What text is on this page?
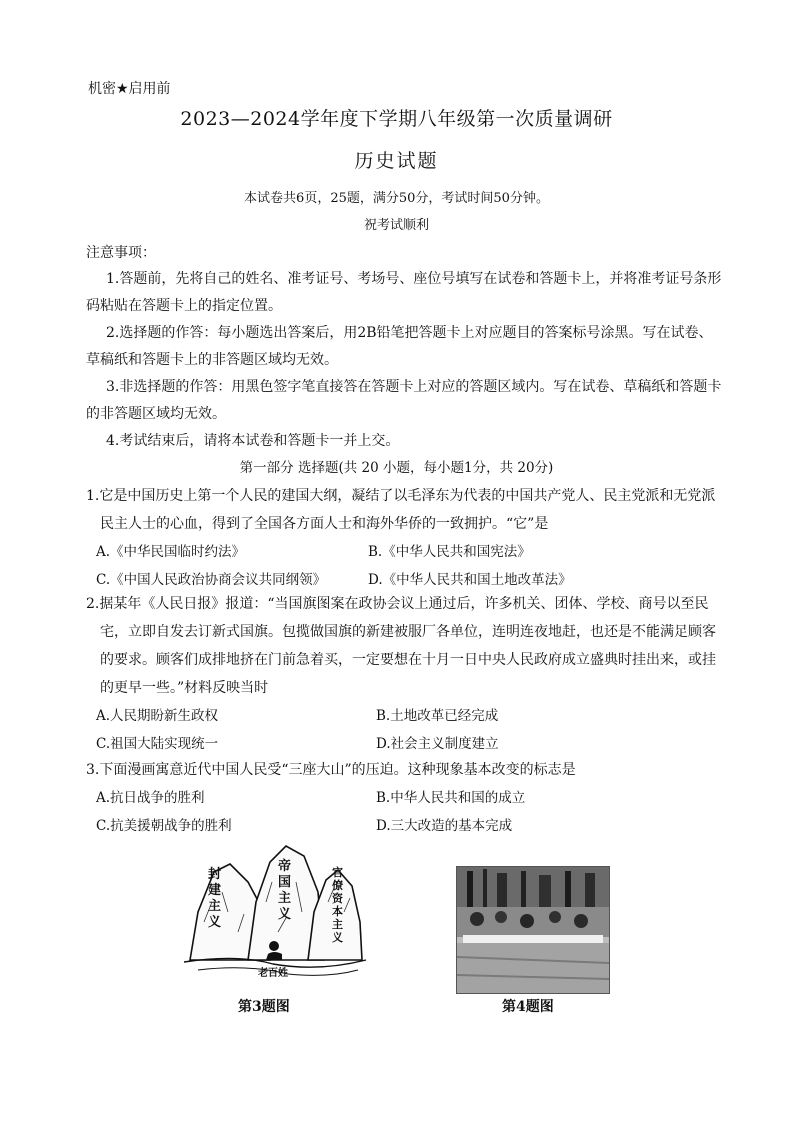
机密★启用前
2023—2024学年度下学期八年级第一次质量调研
历史试题
本试卷共6页，25题，满分50分，考试时间50分钟。
祝考试顺利
注意事项：
1.答题前，先将自己的姓名、准考证号、考场号、座位号填写在试卷和答题卡上，并将准考证号条形码粘贴在答题卡上的指定位置。
2.选择题的作答：每小题选出答案后，用2B铅笔把答题卡上对应题目的答案标号涂黑。写在试卷、草稿纸和答题卡上的非答题区域均无效。
3.非选择题的作答：用黑色签字笔直接答在答题卡上对应的答题区域内。写在试卷、草稿纸和答题卡的非答题区域均无效。
4.考试结束后，请将本试卷和答题卡一并上交。
第一部分 选择题(共 20 小题，每小题1分，共 20分)
1.它是中国历史上第一个人民的建国大纲，凝结了以毛泽东为代表的中国共产党人、民主党派和无党派民主人士的心血，得到了全国各方面人士和海外华侨的一致拥护。“它”是
A.《中华民国临时约法》	B.《中华人民共和国宪法》
C.《中国人民政治协商会议共同纲领》	D.《中华人民共和国土地改革法》
2.据某年《人民日报》报道：“当国旗图案在政协会议上通过后，许多机关、团体、学校、商号以至民宅，立即自发去订新式国旗。包揽做国旗的新建被服厂各单位，连明连夜地赶，也还是不能满足顾客的要求。顾客们成排地挤在门前急着买，一定要想在十月一日中央人民政府成立盛典时挂出来，或挂的更早一些。”材料反映当时
A.人民期盼新生政权	B.土地改革已经完成
C.祖国大陆实现统一	D.社会主义制度建立
3.下面漫画寓意近代中国人民受“三座大山”的压迫。这种现象基本改变的标志是
A.抗日战争的胜利	B.中华人民共和国的成立
C.抗美援朝战争的胜利	D.三大改造的基本完成
封建主义
帝国主义
官僚资本主义
老百姓
第3题图	第4题图
